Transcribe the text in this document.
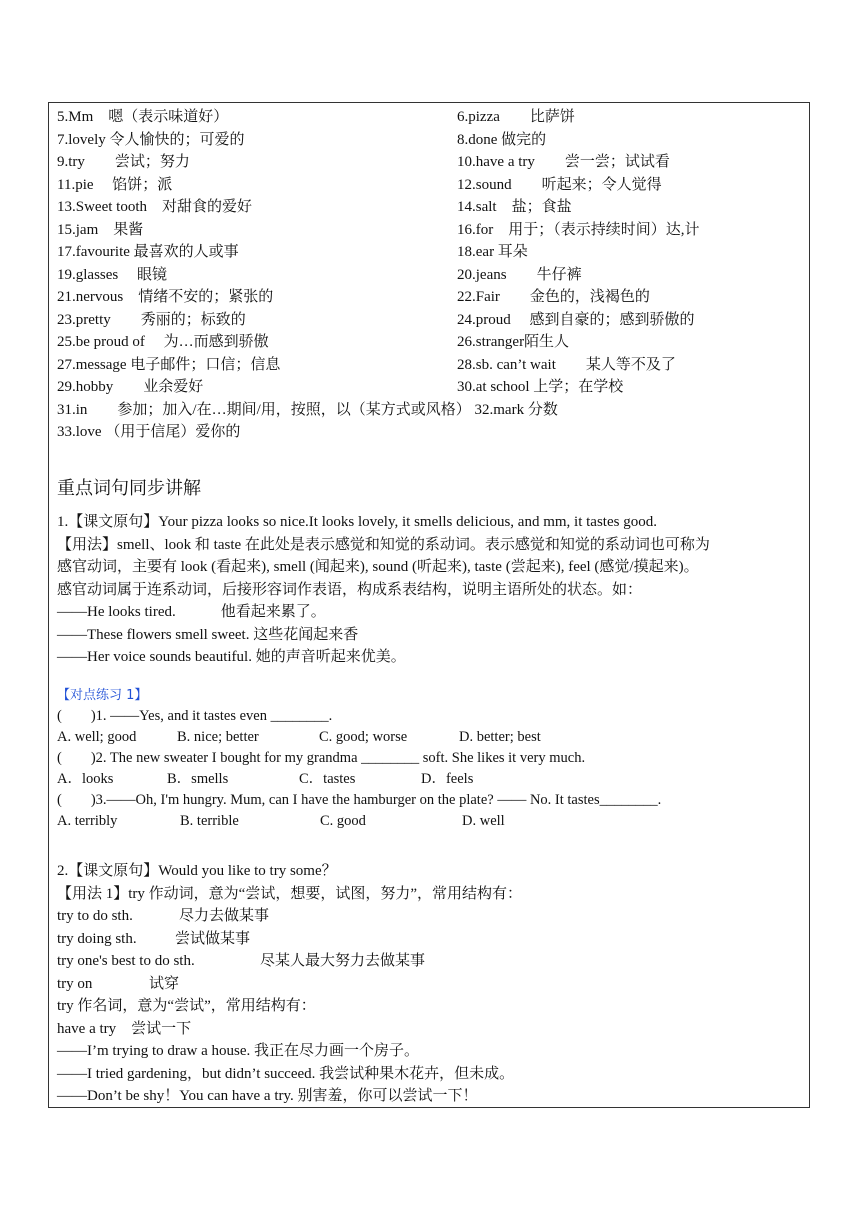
5.Mm　嗯（表示味道好）	6.pizza　　比萨饼
7.lovely 令人愉快的；可爱的	8.done 做完的
9.try　　尝试；努力	10.have a try　　尝一尝；试试看
11.pie　 馅饼；派	12.sound　　听起来；令人觉得
13.Sweet tooth　对甜食的爱好	14.salt　盐；食盐
15.jam　果酱	16.for　用于；（表示持续时间）达,计
17.favourite 最喜欢的人或事	18.ear 耳朵
19.glasses　 眼镜	20.jeans　　牛仔裤
21.nervous　情绪不安的；紧张的	22.Fair　　金色的，浅褐色的
23.pretty　　秀丽的；标致的	24.proud　 感到自豪的；感到骄傲的
25.be proud of　 为…而感到骄傲	26.stranger陌生人
27.message 电子邮件；口信；信息	28.sb. can’t wait　　某人等不及了
29.hobby　　业余爱好	30.at school 上学；在学校
31.in　　参加；加入/在…期间/用，按照，以（某方式或风格） 32.mark 分数
33.love （用于信尾）爱你的
重点词句同步讲解
1.【课文原句】Your pizza looks so nice.It looks lovely, it smells delicious, and mm, it tastes good.
【用法】smell、look 和 taste 在此处是表示感觉和知觉的系动词。表示感觉和知觉的系动词也可称为
感官动词，主要有 look (看起来), smell (闻起来), sound (听起来), taste (尝起来), feel (感觉/摸起来)。
感官动词属于连系动词，后接形容词作表语，构成系表结构，说明主语所处的状态。如：
——He looks tired.　　　他看起来累了。
——These flowers smell sweet. 这些花闻起来香
——Her voice sounds beautiful. 她的声音听起来优美。
【对点练习 1】
(　　)1. ——Yes, and it tastes even ________.
A. well; good	B. nice; better	C. good; worse	D. better; best
(　　)2. The new sweater I bought for my grandma ________ soft. She likes it very much.
A．looks	B．smells	C．tastes	D．feels
(　　)3.——Oh, I'm hungry. Mum, can I have the hamburger on the plate? —— No. It tastes________.
A. terribly	B. terrible	C. good	D. well
2.【课文原句】Would you like to try some？
【用法 1】try 作动词，意为“尝试，想要，试图，努力”，常用结构有：
try to do sth.	尽力去做某事
try doing sth.	尝试做某事
try one's best to do sth.	尽某人最大努力去做某事
try on	试穿
try 作名词，意为“尝试”，常用结构有：
have a try　尝试一下
——I’m trying to draw a house. 我正在尽力画一个房子。
——I tried gardening，but didn’t succeed. 我尝试种果木花卉，但未成。
——Don’t be shy！You can have a try. 别害羞，你可以尝试一下！
